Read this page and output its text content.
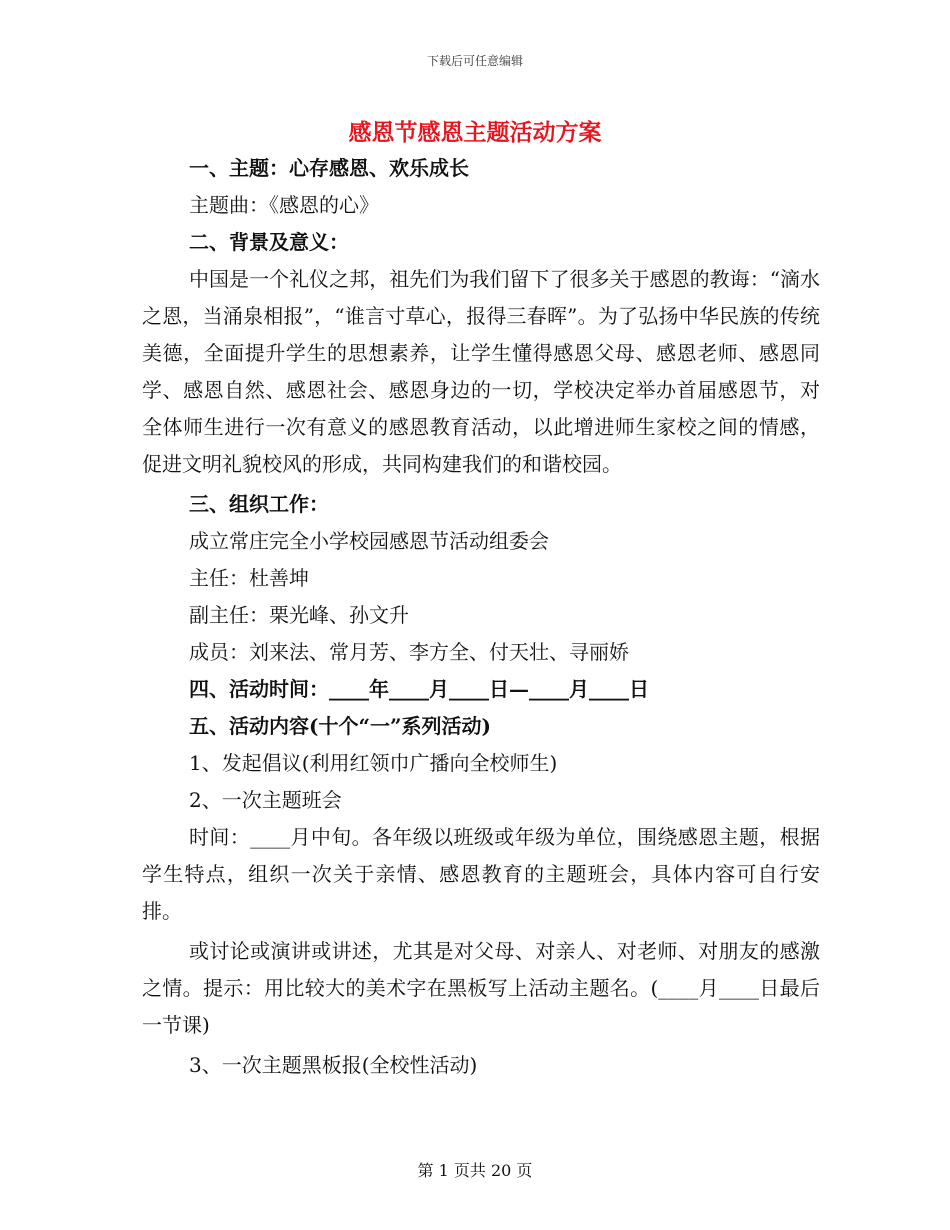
下载后可任意编辑
感恩节感恩主题活动方案

一、主题：心存感恩、欢乐成长

主题曲：《感恩的心》

二、背景及意义：

中国是一个礼仪之邦，祖先们为我们留下了很多关于感恩的教诲：“滴水之恩，当涌泉相报”，“谁言寸草心，报得三春晖”。为了弘扬中华民族的传统美德，全面提升学生的思想素养，让学生懂得感恩父母、感恩老师、感恩同学、感恩自然、感恩社会、感恩身边的一切，学校决定举办首届感恩节，对全体师生进行一次有意义的感恩教育活动，以此增进师生家校之间的情感，促进文明礼貌校风的形成，共同构建我们的和谐校园。

三、组织工作：

成立常庄完全小学校园感恩节活动组委会

主任：杜善坤

副主任：栗光峰、孙文升

成员：刘来法、常月芳、李方全、付天壮、寻丽娇

四、活动时间：____年____月____日—____月____日

五、活动内容(十个“一”系列活动)

1、发起倡议(利用红领巾广播向全校师生)

2、一次主题班会

时间：____月中旬。各年级以班级或年级为单位，围绕感恩主题，根据学生特点，组织一次关于亲情、感恩教育的主题班会，具体内容可自行安排。

或讨论或演讲或讲述，尤其是对父母、对亲人、对老师、对朋友的感激之情。提示：用比较大的美术字在黑板写上活动主题名。(____月____日最后一节课)

3、一次主题黑板报(全校性活动)

第 1 页共 20 页
